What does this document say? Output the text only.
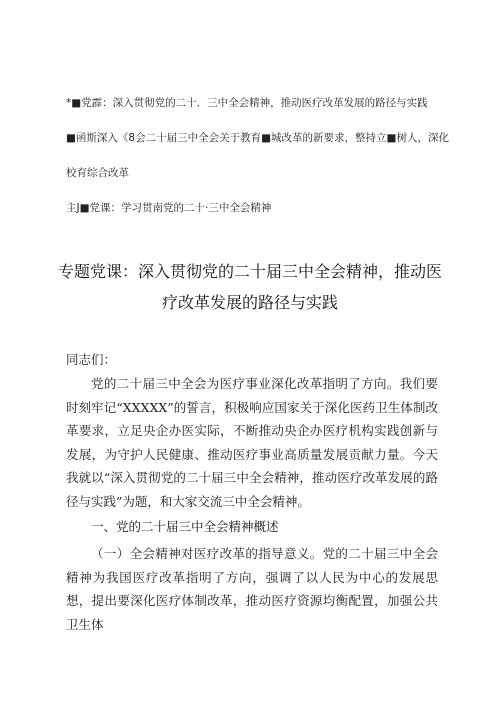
*■党霹：深入贯彻党的二十．三中全会精神，推动医疗改革发展的路径与实践
■函斯深入《8会二十届三中全会关于教育■城改革的新要求，整持立■树人，深化
校育综合改革
主J■党课：学习贯南党的二十·三中全会精神
专题党课：深入贯彻党的二十届三中全会精神，推动医
疗改革发展的路径与实践
同志们：

党的二十届三中全会为医疗事业深化改革指明了方向。我们要时刻牢记“XXXXX”的誓言，积极响应国家关于深化医药卫生体制改革要求，立足央企办医实际，不断推动央企办医疗机构实践创新与发展，为守护人民健康、推动医疗事业高质量发展贡献力量。今天我就以“深入贯彻党的二十届三中全会精神，推动医疗改革发展的路径与实践”为题，和大家交流三中全会精神。

一、党的二十届三中全会精神概述

（一）全会精神对医疗改革的指导意义。党的二十届三中全会精神为我国医疗改革指明了方向，强调了以人民为中心的发展思想，提出要深化医疗体制改革，推动医疗资源均衡配置，加强公共卫生体
